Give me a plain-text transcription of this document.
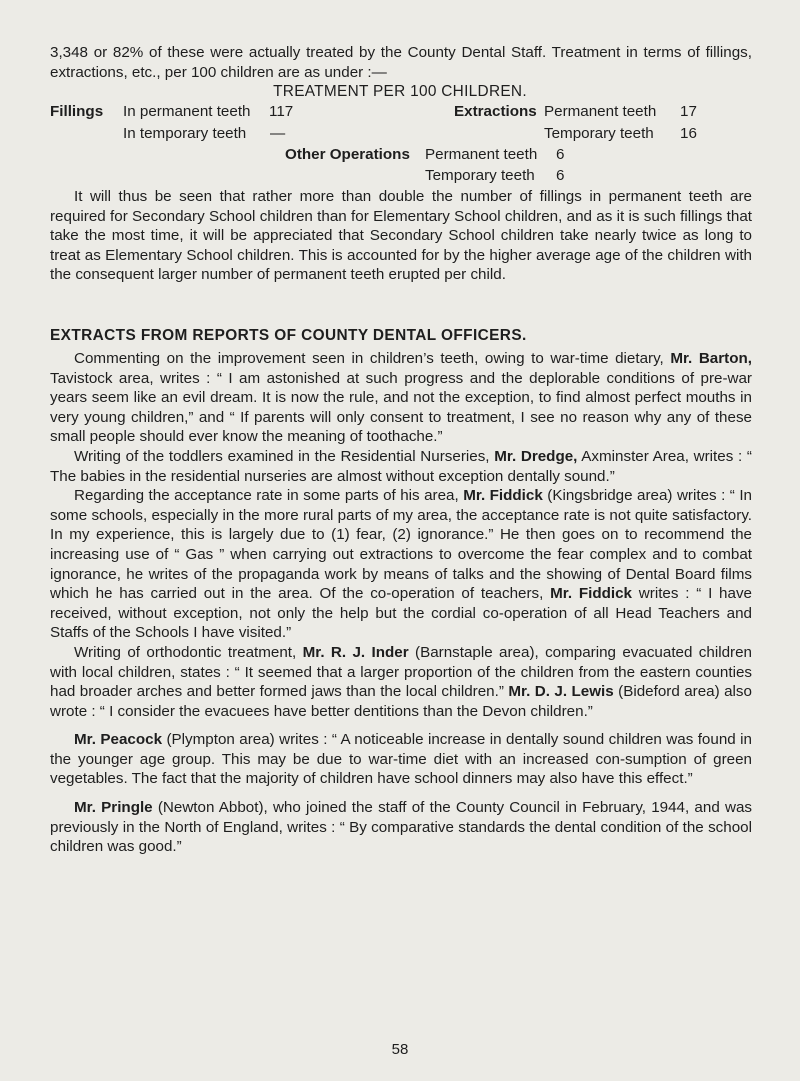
3,348 or 82% of these were actually treated by the County Dental Staff. Treatment in terms of fillings, extractions, etc., per 100 children are as under :—
TREATMENT PER 100 CHILDREN.
Fillings In permanent teeth 117	Extractions Permanent teeth 17
In temporary teeth —	Temporary teeth 16
Other Operations Permanent teeth 6
Temporary teeth 6

It will thus be seen that rather more than double the number of fillings in permanent teeth are required for Secondary School children than for Elementary School children, and as it is such fillings that take the most time, it will be appreciated that Secondary School children take nearly twice as long to treat as Elementary School children. This is accounted for by the higher average age of the children with the consequent larger number of permanent teeth erupted per child.

EXTRACTS FROM REPORTS OF COUNTY DENTAL OFFICERS.

Commenting on the improvement seen in children’s teeth, owing to war-time dietary, Mr. Barton, Tavistock area, writes : “ I am astonished at such progress and the deplorable conditions of pre-war years seem like an evil dream. It is now the rule, and not the exception, to find almost perfect mouths in very young children,” and “ If parents will only consent to treatment, I see no reason why any of these small people should ever know the meaning of toothache.”

Writing of the toddlers examined in the Residential Nurseries, Mr. Dredge, Axminster Area, writes : “ The babies in the residential nurseries are almost without exception dentally sound.”

Regarding the acceptance rate in some parts of his area, Mr. Fiddick (Kingsbridge area) writes : “ In some schools, especially in the more rural parts of my area, the acceptance rate is not quite satisfactory. In my experience, this is largely due to (1) fear, (2) ignorance.” He then goes on to recommend the increasing use of “ Gas ” when carrying out extractions to overcome the fear complex and to combat ignorance, he writes of the propaganda work by means of talks and the showing of Dental Board films which he has carried out in the area. Of the co-operation of teachers, Mr. Fiddick writes : “ I have received, without exception, not only the help but the cordial co-operation of all Head Teachers and Staffs of the Schools I have visited.”

Writing of orthodontic treatment, Mr. R. J. Inder (Barnstaple area), comparing evacuated children with local children, states : “ It seemed that a larger proportion of the children from the eastern counties had broader arches and better formed jaws than the local children.” Mr. D. J. Lewis (Bideford area) also wrote : “ I consider the evacuees have better dentitions than the Devon children.”

Mr. Peacock (Plympton area) writes : “ A noticeable increase in dentally sound children was found in the younger age group. This may be due to war-time diet with an increased con-sumption of green vegetables. The fact that the majority of children have school dinners may also have this effect.”

Mr. Pringle (Newton Abbot), who joined the staff of the County Council in February, 1944, and was previously in the North of England, writes : “ By comparative standards the dental condition of the school children was good.”

58
